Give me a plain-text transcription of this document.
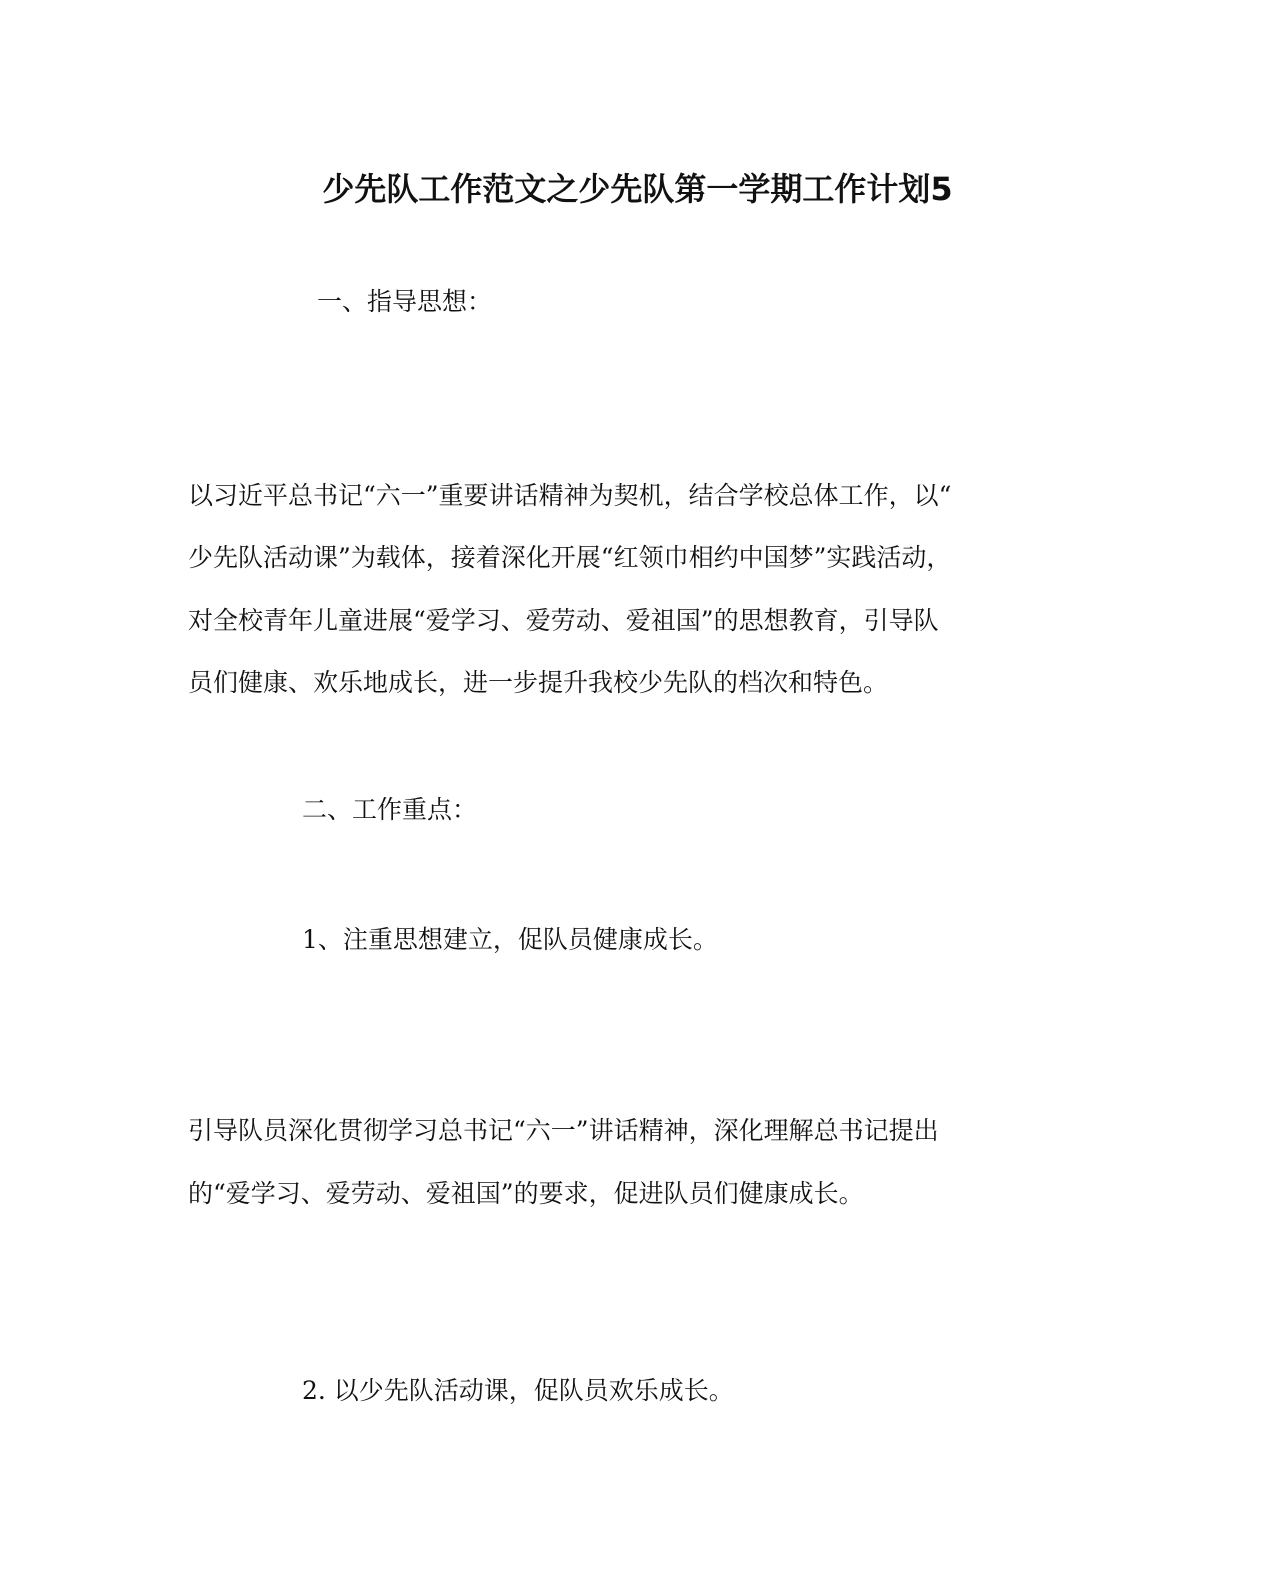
少先队工作范文之少先队第一学期工作计划5
一、指导思想：
以习近平总书记“六一”重要讲话精神为契机，结合学校总体工作，以“
少先队活动课”为载体，接着深化开展“红领巾相约中国梦”实践活动，
对全校青年儿童进展“爱学习、爱劳动、爱祖国”的思想教育，引导队
员们健康、欢乐地成长，进一步提升我校少先队的档次和特色。
二、工作重点：
1、注重思想建立，促队员健康成长。
引导队员深化贯彻学习总书记“六一”讲话精神，深化理解总书记提出
的“爱学习、爱劳动、爱祖国”的要求，促进队员们健康成长。
2. 以少先队活动课，促队员欢乐成长。
